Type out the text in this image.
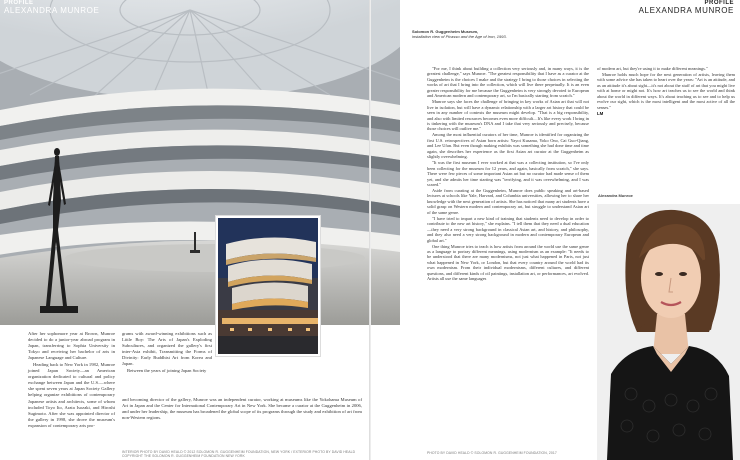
PROFILE
ALEXANDRA MUNROE

After her sophomore year at Brown, Munroe decided to do a junior-year abroad program in Japan, transferring to Sophia University in Tokyo and receiving her bachelor of arts in Japanese Language and Culture.

Heading back to New York in 1982, Munroe joined Japan Society—an American organization dedicated to cultural and policy exchange between Japan and the U.S.—where she spent seven years at Japan Society Gallery helping organize exhibitions of contemporary Japanese artists and architects, some of whom included Toyo Ito, Arata Isozaki, and Hiroshi Sugimoto. After she was appointed director of the gallery in 1998, she drove the museum's expansion of contemporary arts pro-

grams with award-winning exhibitions such as Little Boy: The Arts of Japan's Exploding Subcultures, and organized the gallery's first inter-Asia exhibit, Transmitting the Forms of Divinity: Early Buddhist Art from Korea and Japan.

Between the years of joining Japan Society

and becoming director of the gallery, Munroe was an independent curator, working at museums like the Yokohama Museum of Art in Japan and the Center for International Contemporary Art in New York. She became a curator at the Guggenheim in 2006, and under her leadership, the museum has broadened the global scope of its programs through the study and exhibition of art from non-Western regions.

INTERIOR PHOTO BY DAVID HEALD © 2012 SOLOMON R. GUGGENHEIM FOUNDATION, NEW YORK / EXTERIOR PHOTO BY DAVID HEALD COPYRIGHT THE SOLOMON R. GUGGENHEIM FOUNDATION NEW YORK
PROFILE
ALEXANDRA MUNROE
Solomon R. Guggenheim Museum,
installation view of Picasso and the Age of Iron, 1993.

"For me, I think about building a collection very seriously and, in many ways, it is the greatest challenge," says Munroe. "The greatest responsibility that I have as a curator at the Guggenheim is the choices I make and the strategy I bring to those choices in selecting the works of art that I bring into the collection, which will live there perpetually. It is an even greater responsibility for me because the Guggenheim is very strongly devoted to European and American modern and contemporary art, so I'm basically starting from scratch."

Munroe says she faces the challenge of bringing in key works of Asian art that will not live in isolation, but will have a dynamic relationship with a larger art history that could be seen in any number of contexts the museum might develop. "That is a big responsibility, and also with limited resources becomes even more difficult....It's like every work I bring in is tinkering with the museum's DNA and I take that very seriously and precisely, because those choices will outlive me."

Among the most influential curators of her time, Munroe is identified for organizing the first U.S. retrospectives of Asian born artists: Yayoi Kusama, Yoko Ono, Cai Guo-Qiang, and Lee Ufan. But even though making exhibits was something she had done time and time again, she describes her experience as the first Asian art curator at the Guggenheim as slightly overwhelming.

"It was the first museum I ever worked at that was a collecting institution, so I've only been collecting for the museum for 12 years, and again, basically from scratch," she says. There were few pieces of some important Asian art but no curator had made sense of them yet, and she admits her time starting was "terrifying, and it was overwhelming, and I was scared."

Aside from curating at the Guggenheim, Munroe does public speaking and art-based lectures at schools like Yale, Harvard, and Columbia universities, allowing her to share her knowledge with the next generation of artists. She has noticed that many art students have a solid grasp on Western modern and contemporary art, but struggle to understand Asian art of the same genre.

"I have tried to impart a new kind of training that students need to develop in order to contribute to the new art history," she explains. "I tell them that they need a dual education—they need a very strong background in classical Asian art, and history, and philosophy, and they also need a very strong background in modern and contemporary European and global art."

One thing Munroe tries to teach is how artists from around the world use the same genre as a language to portray different meanings, using modernism as an example: "It needs to be understood that there are many modernisms, not just what happened in Paris, not just what happened in New York, or London, but that every country around the world had its own modernism. From their individual modernisms, different cultures, and different questions, and different kinds of oil paintings, installation art, or performances, art evolved. Artists all use the same languages

of modern art, but they're using it to make different meanings."

Munroe holds much hope for the next generation of artists, leaving them with some advice she has taken to heart over the years: "Art is an attitude, and as an attitude it's about sight—it's not about the stuff of art that you might live with at home or might not. It's how art teaches us to see the world and think about the world in different ways. It's about teaching us to see and to help us evolve our sight, which is the most intelligent and the most active of all the senses."

LM
Alexandra Munroe
PHOTO BY DAVID HEALD © SOLOMON R. GUGGENHEIM FOUNDATION, 2017
